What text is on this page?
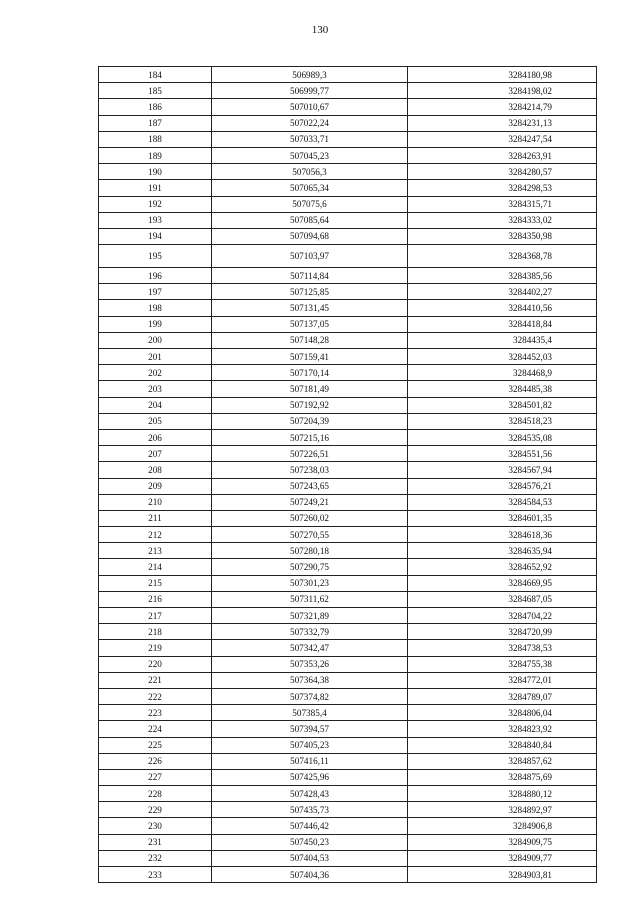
130
184	506989,3	3284180,98
185	506999,77	3284198,02
186	507010,67	3284214,79
187	507022,24	3284231,13
188	507033,71	3284247,54
189	507045,23	3284263,91
190	507056,3	3284280,57
191	507065,34	3284298,53
192	507075,6	3284315,71
193	507085,64	3284333,02
194	507094,68	3284350,98
195	507103,97	3284368,78
196	507114,84	3284385,56
197	507125,85	3284402,27
198	507131,45	3284410,56
199	507137,05	3284418,84
200	507148,28	3284435,4
201	507159,41	3284452,03
202	507170,14	3284468,9
203	507181,49	3284485,38
204	507192,92	3284501,82
205	507204,39	3284518,23
206	507215,16	3284535,08
207	507226,51	3284551,56
208	507238,03	3284567,94
209	507243,65	3284576,21
210	507249,21	3284584,53
211	507260,02	3284601,35
212	507270,55	3284618,36
213	507280,18	3284635,94
214	507290,75	3284652,92
215	507301,23	3284669,95
216	507311,62	3284687,05
217	507321,89	3284704,22
218	507332,79	3284720,99
219	507342,47	3284738,53
220	507353,26	3284755,38
221	507364,38	3284772,01
222	507374,82	3284789,07
223	507385,4	3284806,04
224	507394,57	3284823,92
225	507405,23	3284840,84
226	507416,11	3284857,62
227	507425,96	3284875,69
228	507428,43	3284880,12
229	507435,73	3284892,97
230	507446,42	3284906,8
231	507450,23	3284909,75
232	507404,53	3284909,77
233	507404,36	3284903,81
